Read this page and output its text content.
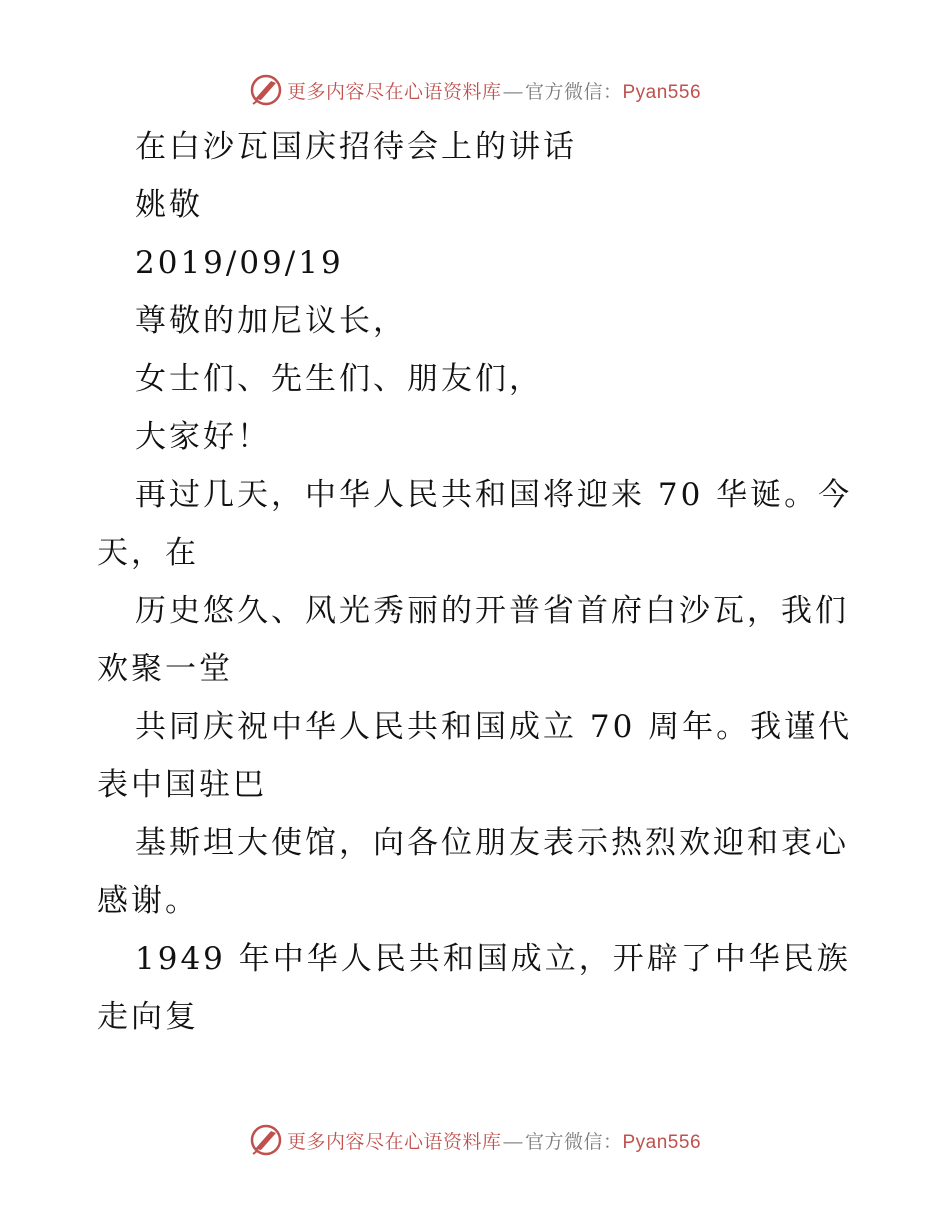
更多内容尽在心语资料库 — 官方微信：Pyan556

在白沙瓦国庆招待会上的讲话

姚敬

2019/09/19

尊敬的加尼议长，

女士们、先生们、朋友们，

大家好！

再过几天，中华人民共和国将迎来 70 华诞。今天，在

历史悠久、风光秀丽的开普省首府白沙瓦，我们欢聚一堂

共同庆祝中华人民共和国成立 70 周年。我谨代表中国驻巴

基斯坦大使馆，向各位朋友表示热烈欢迎和衷心感谢。

1949 年中华人民共和国成立，开辟了中华民族走向复

更多内容尽在心语资料库 — 官方微信：Pyan556
